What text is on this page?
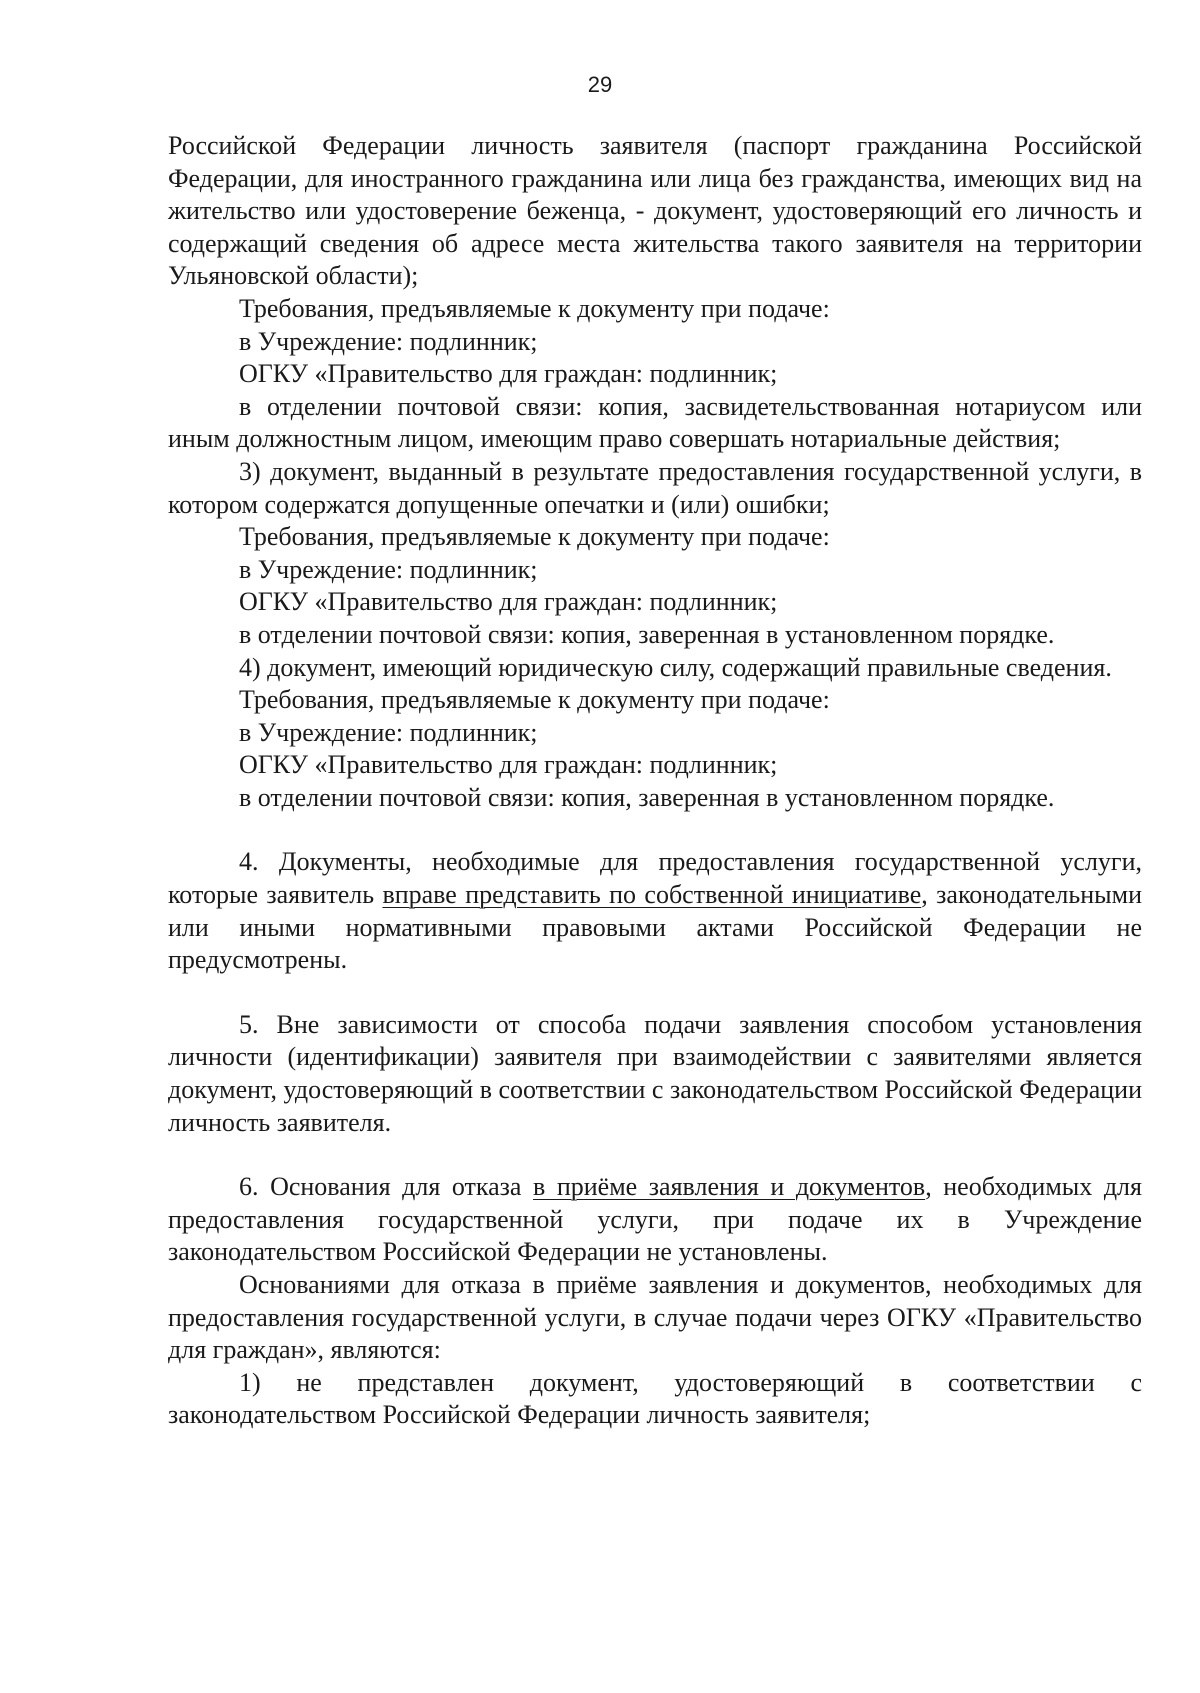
29

Российской Федерации личность заявителя (паспорт гражданина Российской Федерации, для иностранного гражданина или лица без гражданства, имеющих вид на жительство или удостоверение беженца, - документ, удостоверяющий его личность и содержащий сведения об адресе места жительства такого заявителя на территории Ульяновской области);

Требования, предъявляемые к документу при подаче:

в Учреждение: подлинник;

ОГКУ «Правительство для граждан: подлинник;

в отделении почтовой связи: копия, засвидетельствованная нотариусом или иным должностным лицом, имеющим право совершать нотариальные действия;

3) документ, выданный в результате предоставления государственной услуги, в котором содержатся допущенные опечатки и (или) ошибки;

Требования, предъявляемые к документу при подаче:

в Учреждение: подлинник;

ОГКУ «Правительство для граждан: подлинник;

в отделении почтовой связи: копия, заверенная в установленном порядке.

4) документ, имеющий юридическую силу, содержащий правильные сведения.

Требования, предъявляемые к документу при подаче:

в Учреждение: подлинник;

ОГКУ «Правительство для граждан: подлинник;

в отделении почтовой связи: копия, заверенная в установленном порядке.

4. Документы, необходимые для предоставления государственной услуги, которые заявитель вправе представить по собственной инициативе, законодательными или иными нормативными правовыми актами Российской Федерации не предусмотрены.

5. Вне зависимости от способа подачи заявления способом установления личности (идентификации) заявителя при взаимодействии с заявителями является документ, удостоверяющий в соответствии с законодательством Российской Федерации личность заявителя.

6. Основания для отказа в приёме заявления и документов, необходимых для предоставления государственной услуги, при подаче их в Учреждение законодательством Российской Федерации не установлены.

Основаниями для отказа в приёме заявления и документов, необходимых для предоставления государственной услуги, в случае подачи через ОГКУ «Правительство для граждан», являются:

1) не представлен документ, удостоверяющий в соответствии с законодательством Российской Федерации личность заявителя;
